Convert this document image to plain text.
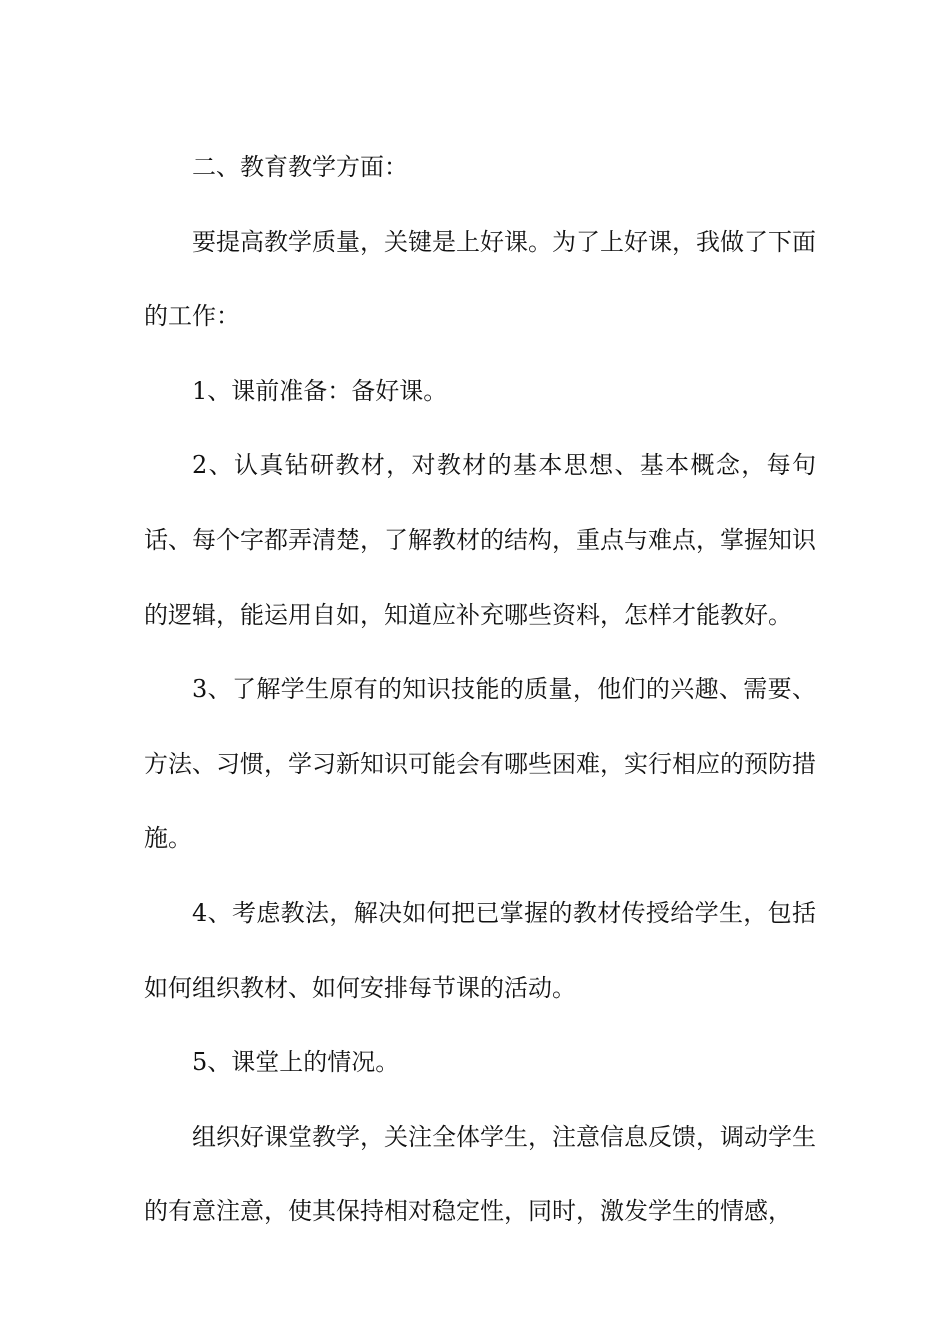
二、教育教学方面：

要提高教学质量，关键是上好课。为了上好课，我做了下面的工作：

1、课前准备：备好课。

2、认真钻研教材，对教材的基本思想、基本概念，每句话、每个字都弄清楚，了解教材的结构，重点与难点，掌握知识的逻辑，能运用自如，知道应补充哪些资料，怎样才能教好。

3、了解学生原有的知识技能的质量，他们的兴趣、需要、方法、习惯，学习新知识可能会有哪些困难，实行相应的预防措施。

4、考虑教法，解决如何把已掌握的教材传授给学生，包括如何组织教材、如何安排每节课的活动。

5、课堂上的情况。

组织好课堂教学，关注全体学生，注意信息反馈，调动学生的有意注意，使其保持相对稳定性，同时，激发学生的情感，
